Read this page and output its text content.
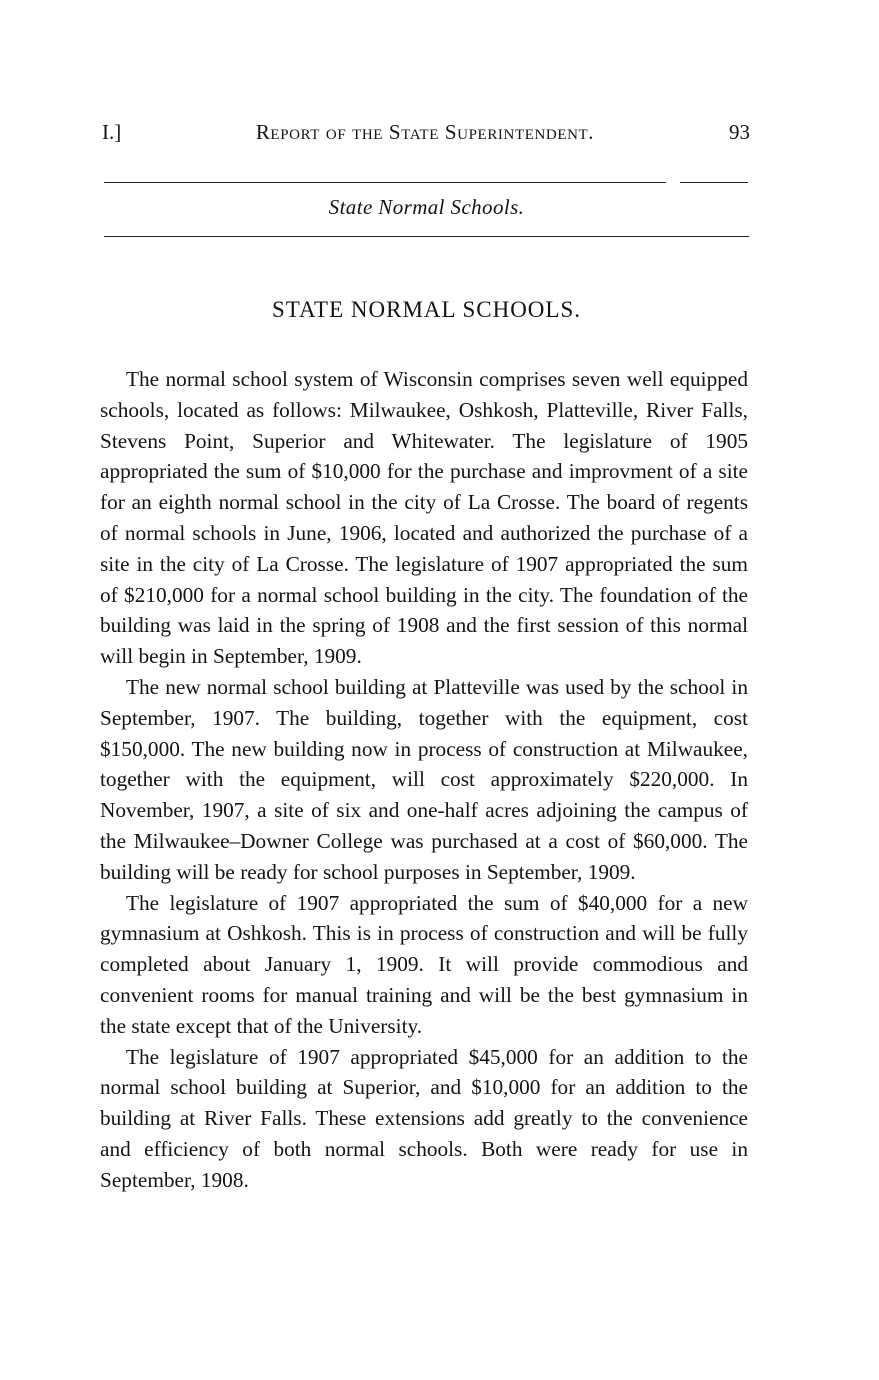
I.]	Report of the State Superintendent.	93
State Normal Schools.
STATE NORMAL SCHOOLS.

The normal school system of Wisconsin comprises seven well equipped schools, located as follows: Milwaukee, Oshkosh, Platteville, River Falls, Stevens Point, Superior and Whitewater. The legislature of 1905 appropriated the sum of $10,000 for the purchase and improvment of a site for an eighth normal school in the city of La Crosse. The board of regents of normal schools in June, 1906, located and authorized the purchase of a site in the city of La Crosse. The legislature of 1907 appropriated the sum of $210,000 for a normal school building in the city. The foundation of the building was laid in the spring of 1908 and the first session of this normal will begin in September, 1909.

The new normal school building at Platteville was used by the school in September, 1907. The building, together with the equipment, cost $150,000. The new building now in process of construction at Milwaukee, together with the equipment, will cost approximately $220,000. In November, 1907, a site of six and one-half acres adjoining the campus of the Milwaukee–Downer College was purchased at a cost of $60,000. The building will be ready for school purposes in September, 1909.

The legislature of 1907 appropriated the sum of $40,000 for a new gymnasium at Oshkosh. This is in process of construction and will be fully completed about January 1, 1909. It will provide commodious and convenient rooms for manual training and will be the best gymnasium in the state except that of the University.

The legislature of 1907 appropriated $45,000 for an addition to the normal school building at Superior, and $10,000 for an addition to the building at River Falls. These extensions add greatly to the convenience and efficiency of both normal schools. Both were ready for use in September, 1908.
